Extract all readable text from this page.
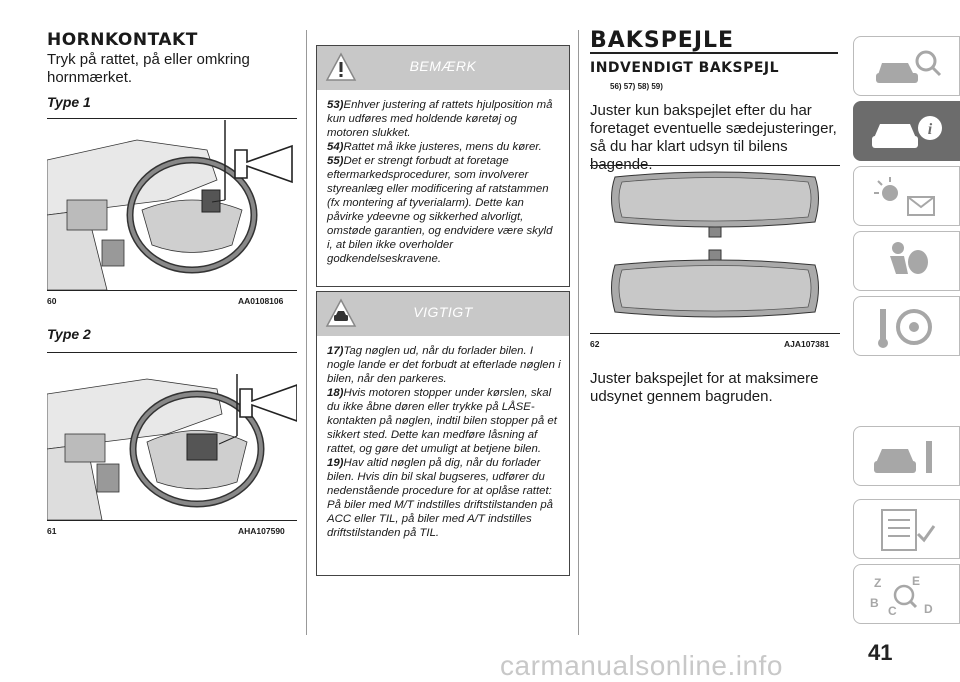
HORNKONTAKT
Tryk på rattet, på eller omkring hornmærket.
Type 1
60	AA0108106
Type 2
61	AHA107590
BEMÆRK

53)Enhver justering af rattets hjulposition må kun udføres med holdende køretøj og motoren slukket.

54)Rattet må ikke justeres, mens du kører.

55)Det er strengt forbudt at foretage eftermarkedsprocedurer, som involverer styreanlæg eller modificering af ratstammen (fx montering af tyverialarm). Dette kan påvirke ydeevne og sikkerhed alvorligt, omstøde garantien, og endvidere være skyld i, at bilen ikke overholder godkendelseskravene.

VIGTIGT

17)Tag nøglen ud, når du forlader bilen. I nogle lande er det forbudt at efterlade nøglen i bilen, når den parkeres.

18)Hvis motoren stopper under kørslen, skal du ikke åbne døren eller trykke på LÅSE-kontakten på nøglen, indtil bilen stopper på et sikkert sted. Dette kan medføre låsning af rattet, og gøre det umuligt at betjene bilen.

19)Hav altid nøglen på dig, når du forlader bilen. Hvis din bil skal bugseres, udfører du nedenstående procedure for at oplåse rattet: På biler med M/T indstilles driftstilstanden på ACC eller TIL, på biler med A/T indstilles driftstilstanden på TIL.

BAKSPEJLE
INDVENDIGT BAKSPEJL
56) 57) 58) 59)
Juster kun bakspejlet efter du har foretaget eventuelle sædejusteringer, så du har klart udsyn til bilens bagende.
62	AJA107381
Juster bakspejlet for at maksimere udsynet gennem bagruden.
i
Z	E
B
C D
41
carmanualsonline.info
